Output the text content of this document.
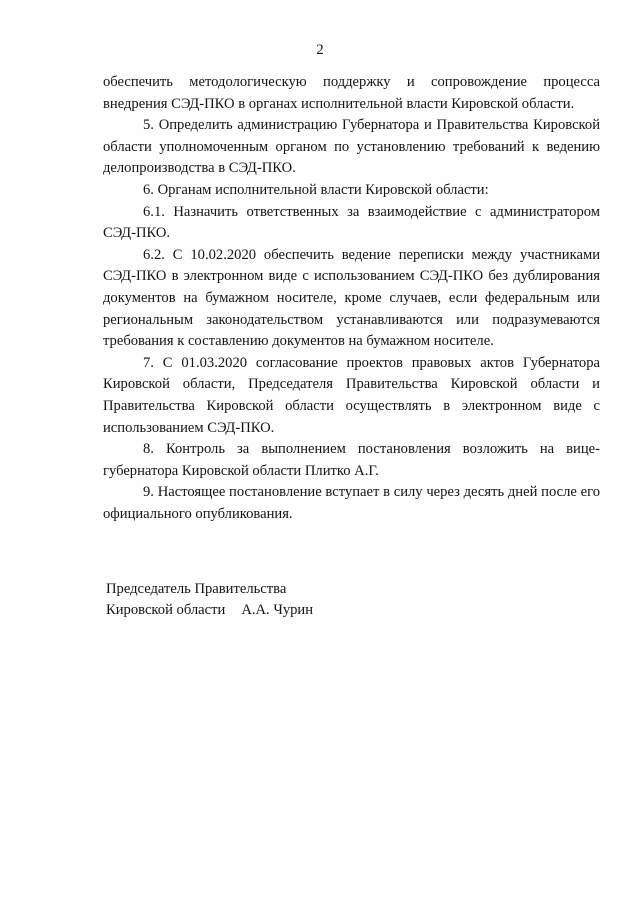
2

обеспечить методологическую поддержку и сопровождение процесса внедрения СЭД-ПКО в органах исполнительной власти Кировской области.

5. Определить администрацию Губернатора и Правительства Кировской области уполномоченным органом по установлению требований к ведению делопроизводства в СЭД-ПКО.

6. Органам исполнительной власти Кировской области:

6.1. Назначить ответственных за взаимодействие с администратором СЭД-ПКО.

6.2. С 10.02.2020 обеспечить ведение переписки между участниками СЭД-ПКО в электронном виде с использованием СЭД-ПКО без дублирования документов на бумажном носителе, кроме случаев, если федеральным или региональным законодательством устанавливаются или подразумеваются требования к составлению документов на бумажном носителе.

7. С 01.03.2020 согласование проектов правовых актов Губернатора Кировской области, Председателя Правительства Кировской области и Правительства Кировской области осуществлять в электронном виде с использованием СЭД-ПКО.

8. Контроль за выполнением постановления возложить на вице-губернатора Кировской области Плитко А.Г.

9. Настоящее постановление вступает в силу через десять дней после его официального опубликования.

Председатель Правительства
Кировской области А.А. Чурин
